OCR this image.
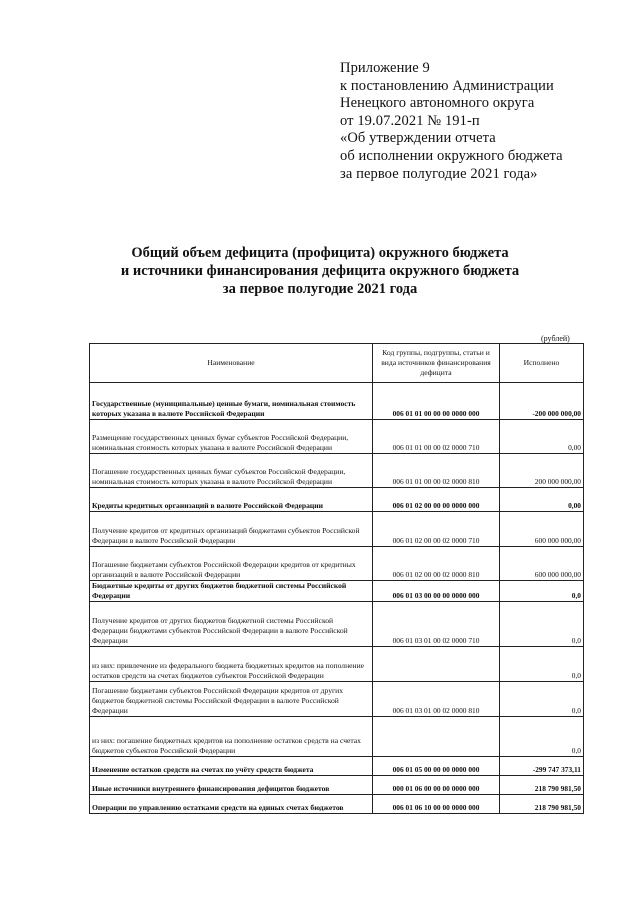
Приложение 9
к постановлению Администрации
Ненецкого автономного округа
от 19.07.2021 № 191-п
«Об утверждении отчета
об исполнении окружного бюджета
за первое полугодие 2021 года»
Общий объем дефицита (профицита) окружного бюджета
и источники финансирования дефицита окружного бюджета
за первое полугодие 2021 года
(рублей)
Наименование	Код группы, подгруппы, статьи и вида источников финансирования дефицита	Исполнено
Государственные (муниципальные) ценные бумаги, номинальная стоимость которых указана в валюте Российской Федерации	006 01 01 00 00 00 0000 000	-200 000 000,00
Размещение государственных ценных бумаг субъектов Российской Федерации, номинальная стоимость которых указана в валюте Российской Федерации	006 01 01 00 00 02 0000 710	0,00
Погашение государственных ценных бумаг субъектов Российской Федерации, номинальная стоимость которых указана в валюте Российской Федерации	006 01 01 00 00 02 0000 810	200 000 000,00
Кредиты кредитных организаций в валюте Российской Федерации	006 01 02 00 00 00 0000 000	0,00
Получение кредитов от кредитных организаций бюджетами субъектов Российской Федерации в валюте Российской Федерации	006 01 02 00 00 02 0000 710	600 000 000,00
Погашение бюджетами субъектов Российской Федерации кредитов от кредитных организаций в валюте Российской Федерации	006 01 02 00 00 02 0000 810	600 000 000,00
Бюджетные кредиты от других бюджетов бюджетной системы Российской Федерации	006 01 03 00 00 00 0000 000	0,0
Получение кредитов от других бюджетов бюджетной системы Российской Федерации бюджетами субъектов Российской Федерации в валюте Российской Федерации	006 01 03 01 00 02 0000 710	0,0
из них: привлечение из федерального бюджета бюджетных кредитов на пополнение остатков средств на счетах бюджетов субъектов Российской Федерации		0,0
Погашение бюджетами субъектов Российской Федерации кредитов от других бюджетов бюджетной системы Российской Федерации в валюте Российской Федерации	006 01 03 01 00 02 0000 810	0,0
из них: погашение бюджетных кредитов на пополнение остатков средств на счетах бюджетов субъектов Российской Федерации		0,0
Изменение остатков средств на счетах по учёту средств бюджета	006 01 05 00 00 00 0000 000	-299 747 373,11
Иные источники внутреннего финансирования дефицитов бюджетов	000 01 06 00 00 00 0000 000	218 790 981,50
Операции по управлению остатками средств на единых счетах бюджетов	006 01 06 10 00 00 0000 000	218 790 981,50
